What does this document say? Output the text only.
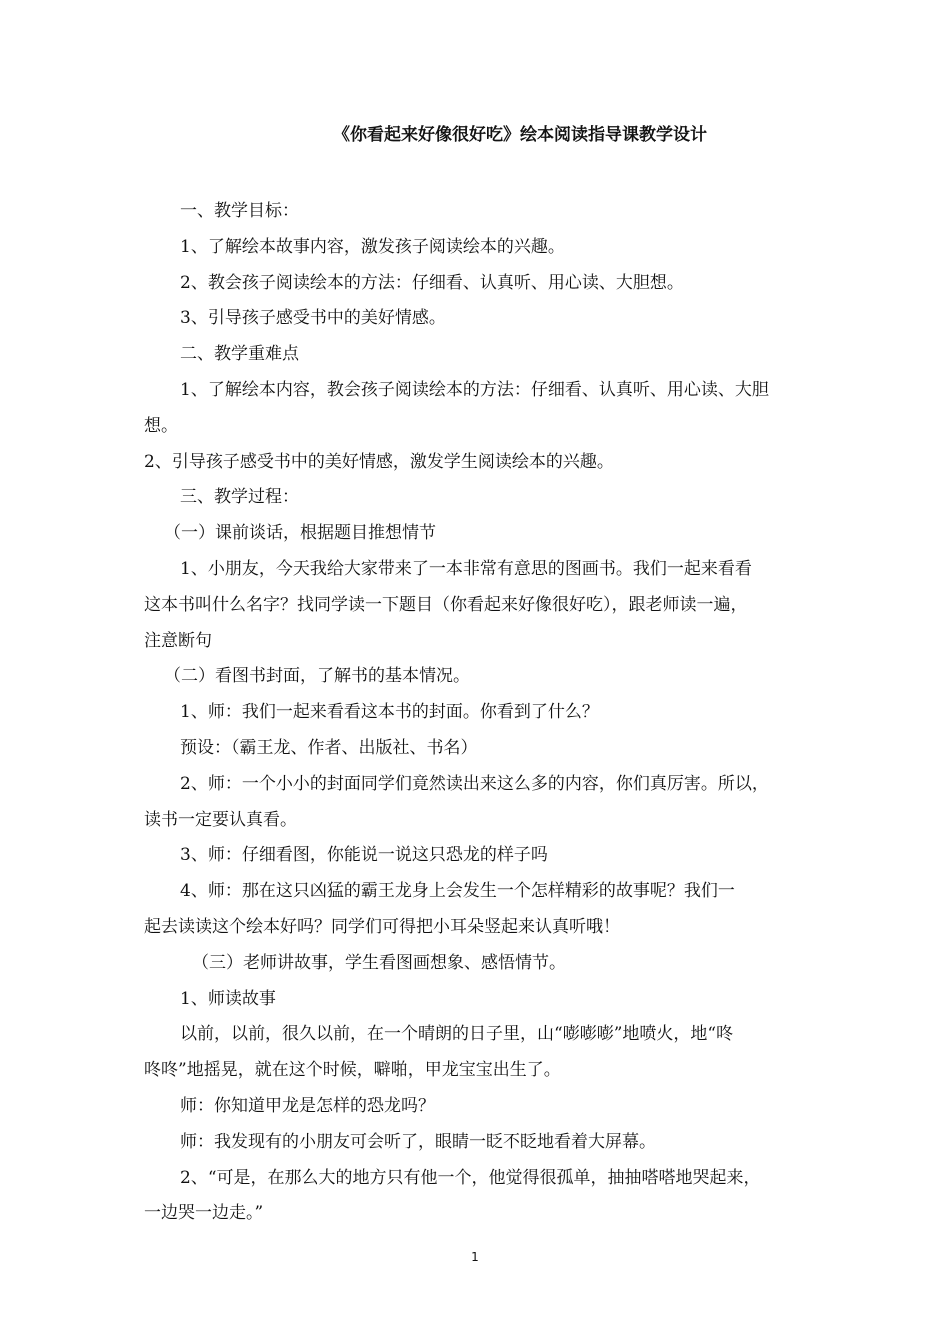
《你看起来好像很好吃》绘本阅读指导课教学设计

一、教学目标：

1、了解绘本故事内容，激发孩子阅读绘本的兴趣。

2、教会孩子阅读绘本的方法：仔细看、认真听、用心读、大胆想。

3、引导孩子感受书中的美好情感。

二、教学重难点

1、了解绘本内容，教会孩子阅读绘本的方法：仔细看、认真听、用心读、大胆

想。

2、引导孩子感受书中的美好情感，激发学生阅读绘本的兴趣。

三、教学过程：

（一）课前谈话，根据题目推想情节

1、小朋友，今天我给大家带来了一本非常有意思的图画书。我们一起来看看

这本书叫什么名字？找同学读一下题目（你看起来好像很好吃），跟老师读一遍，

注意断句

（二）看图书封面，了解书的基本情况。

1、师：我们一起来看看这本书的封面。你看到了什么？

预设：（霸王龙、作者、出版社、书名）

2、师：一个小小的封面同学们竟然读出来这么多的内容，你们真厉害。所以，

读书一定要认真看。

3、师：仔细看图，你能说一说这只恐龙的样子吗

4、师：那在这只凶猛的霸王龙身上会发生一个怎样精彩的故事呢？我们一

起去读读这个绘本好吗？同学们可得把小耳朵竖起来认真听哦！

（三）老师讲故事，学生看图画想象、感悟情节。

1、师读故事

以前，以前，很久以前，在一个晴朗的日子里，山“嘭嘭嘭”地喷火，地“咚

咚咚”地摇晃，就在这个时候，噼啪，甲龙宝宝出生了。

师：你知道甲龙是怎样的恐龙吗？

师：我发现有的小朋友可会听了，眼睛一眨不眨地看着大屏幕。

2、“可是，在那么大的地方只有他一个，他觉得很孤单，抽抽嗒嗒地哭起来，

一边哭一边走。”

1
